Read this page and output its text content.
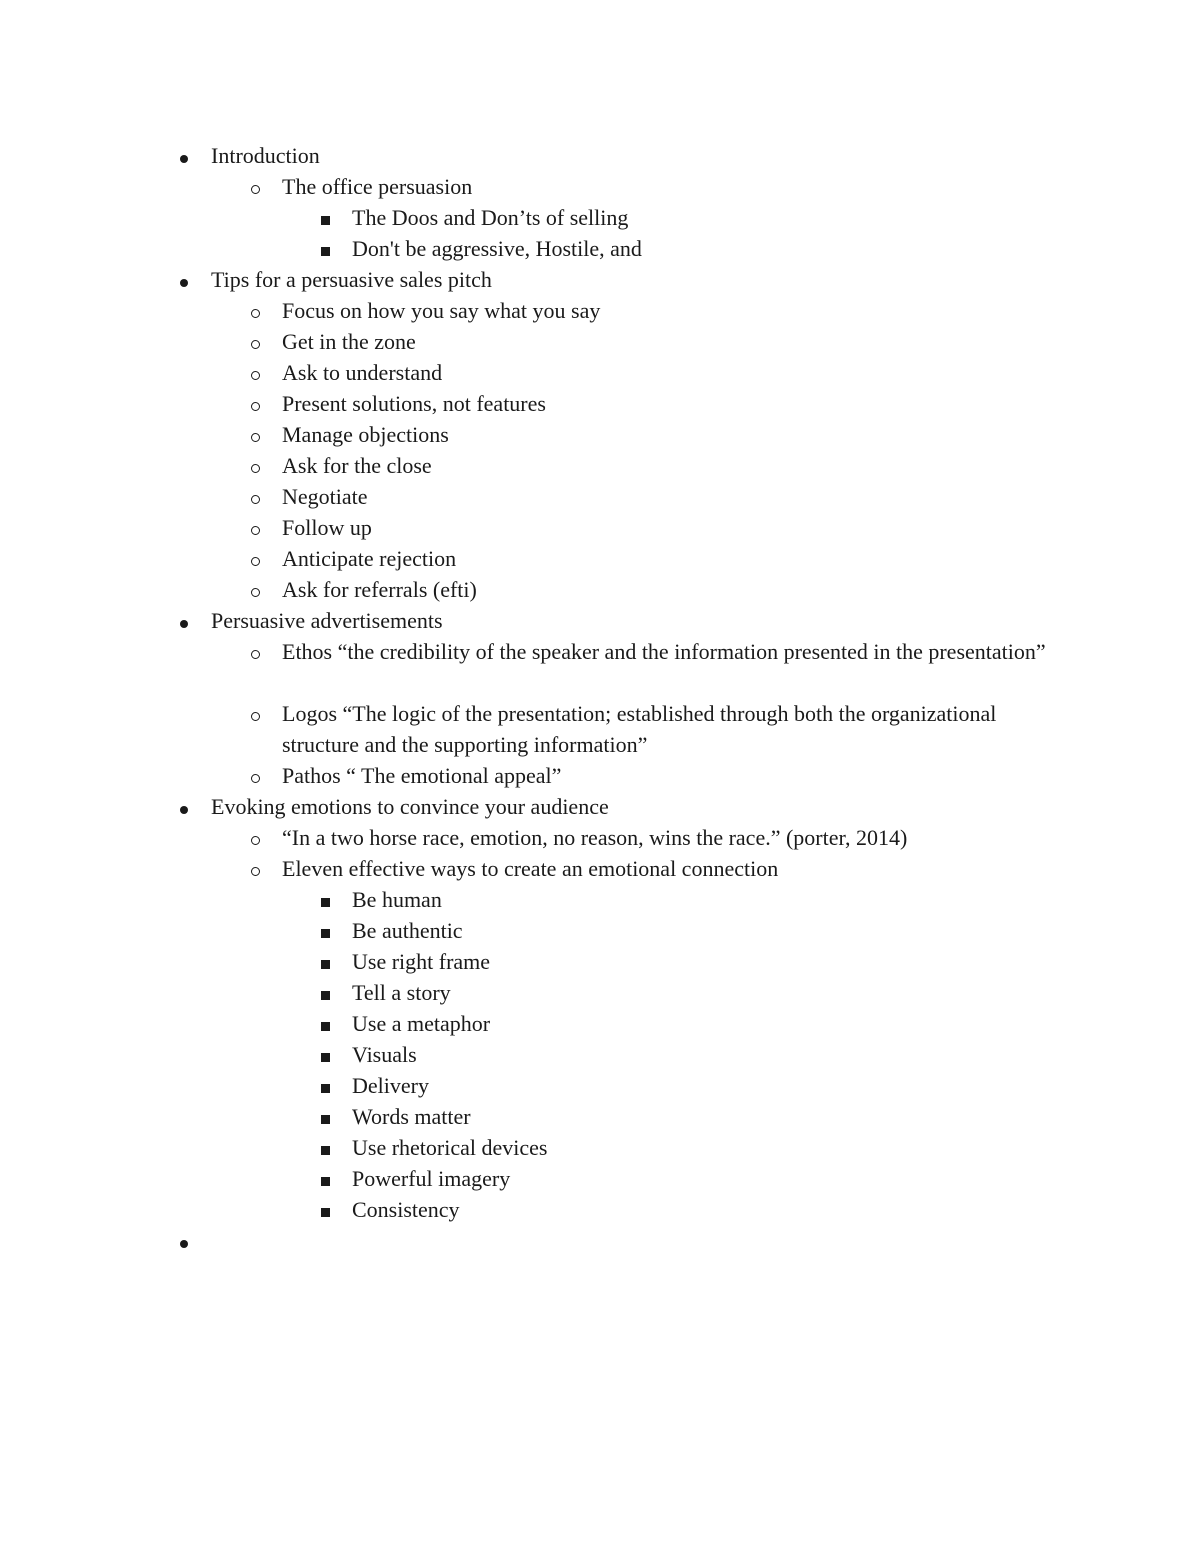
Introduction
The office persuasion
The Doos and Don’ts of selling
Don't be aggressive, Hostile, and
Tips for a persuasive sales pitch
Focus on how you say what you say
Get in the zone
Ask to understand
Present solutions, not features
Manage objections
Ask for the close
Negotiate
Follow up
Anticipate rejection
Ask for referrals (efti)
Persuasive advertisements
Ethos “the credibility of the speaker and the information presented in the presentation”
Logos “The logic of the presentation; established through both the organizational structure and the supporting information”
Pathos “ The emotional appeal”
Evoking emotions to convince your audience
“In a two horse race, emotion, no reason, wins the race.” (porter, 2014)
Eleven effective ways to create an emotional connection
Be human
Be authentic
Use right frame
Tell a story
Use a metaphor
Visuals
Delivery
Words matter
Use rhetorical devices
Powerful imagery
Consistency
